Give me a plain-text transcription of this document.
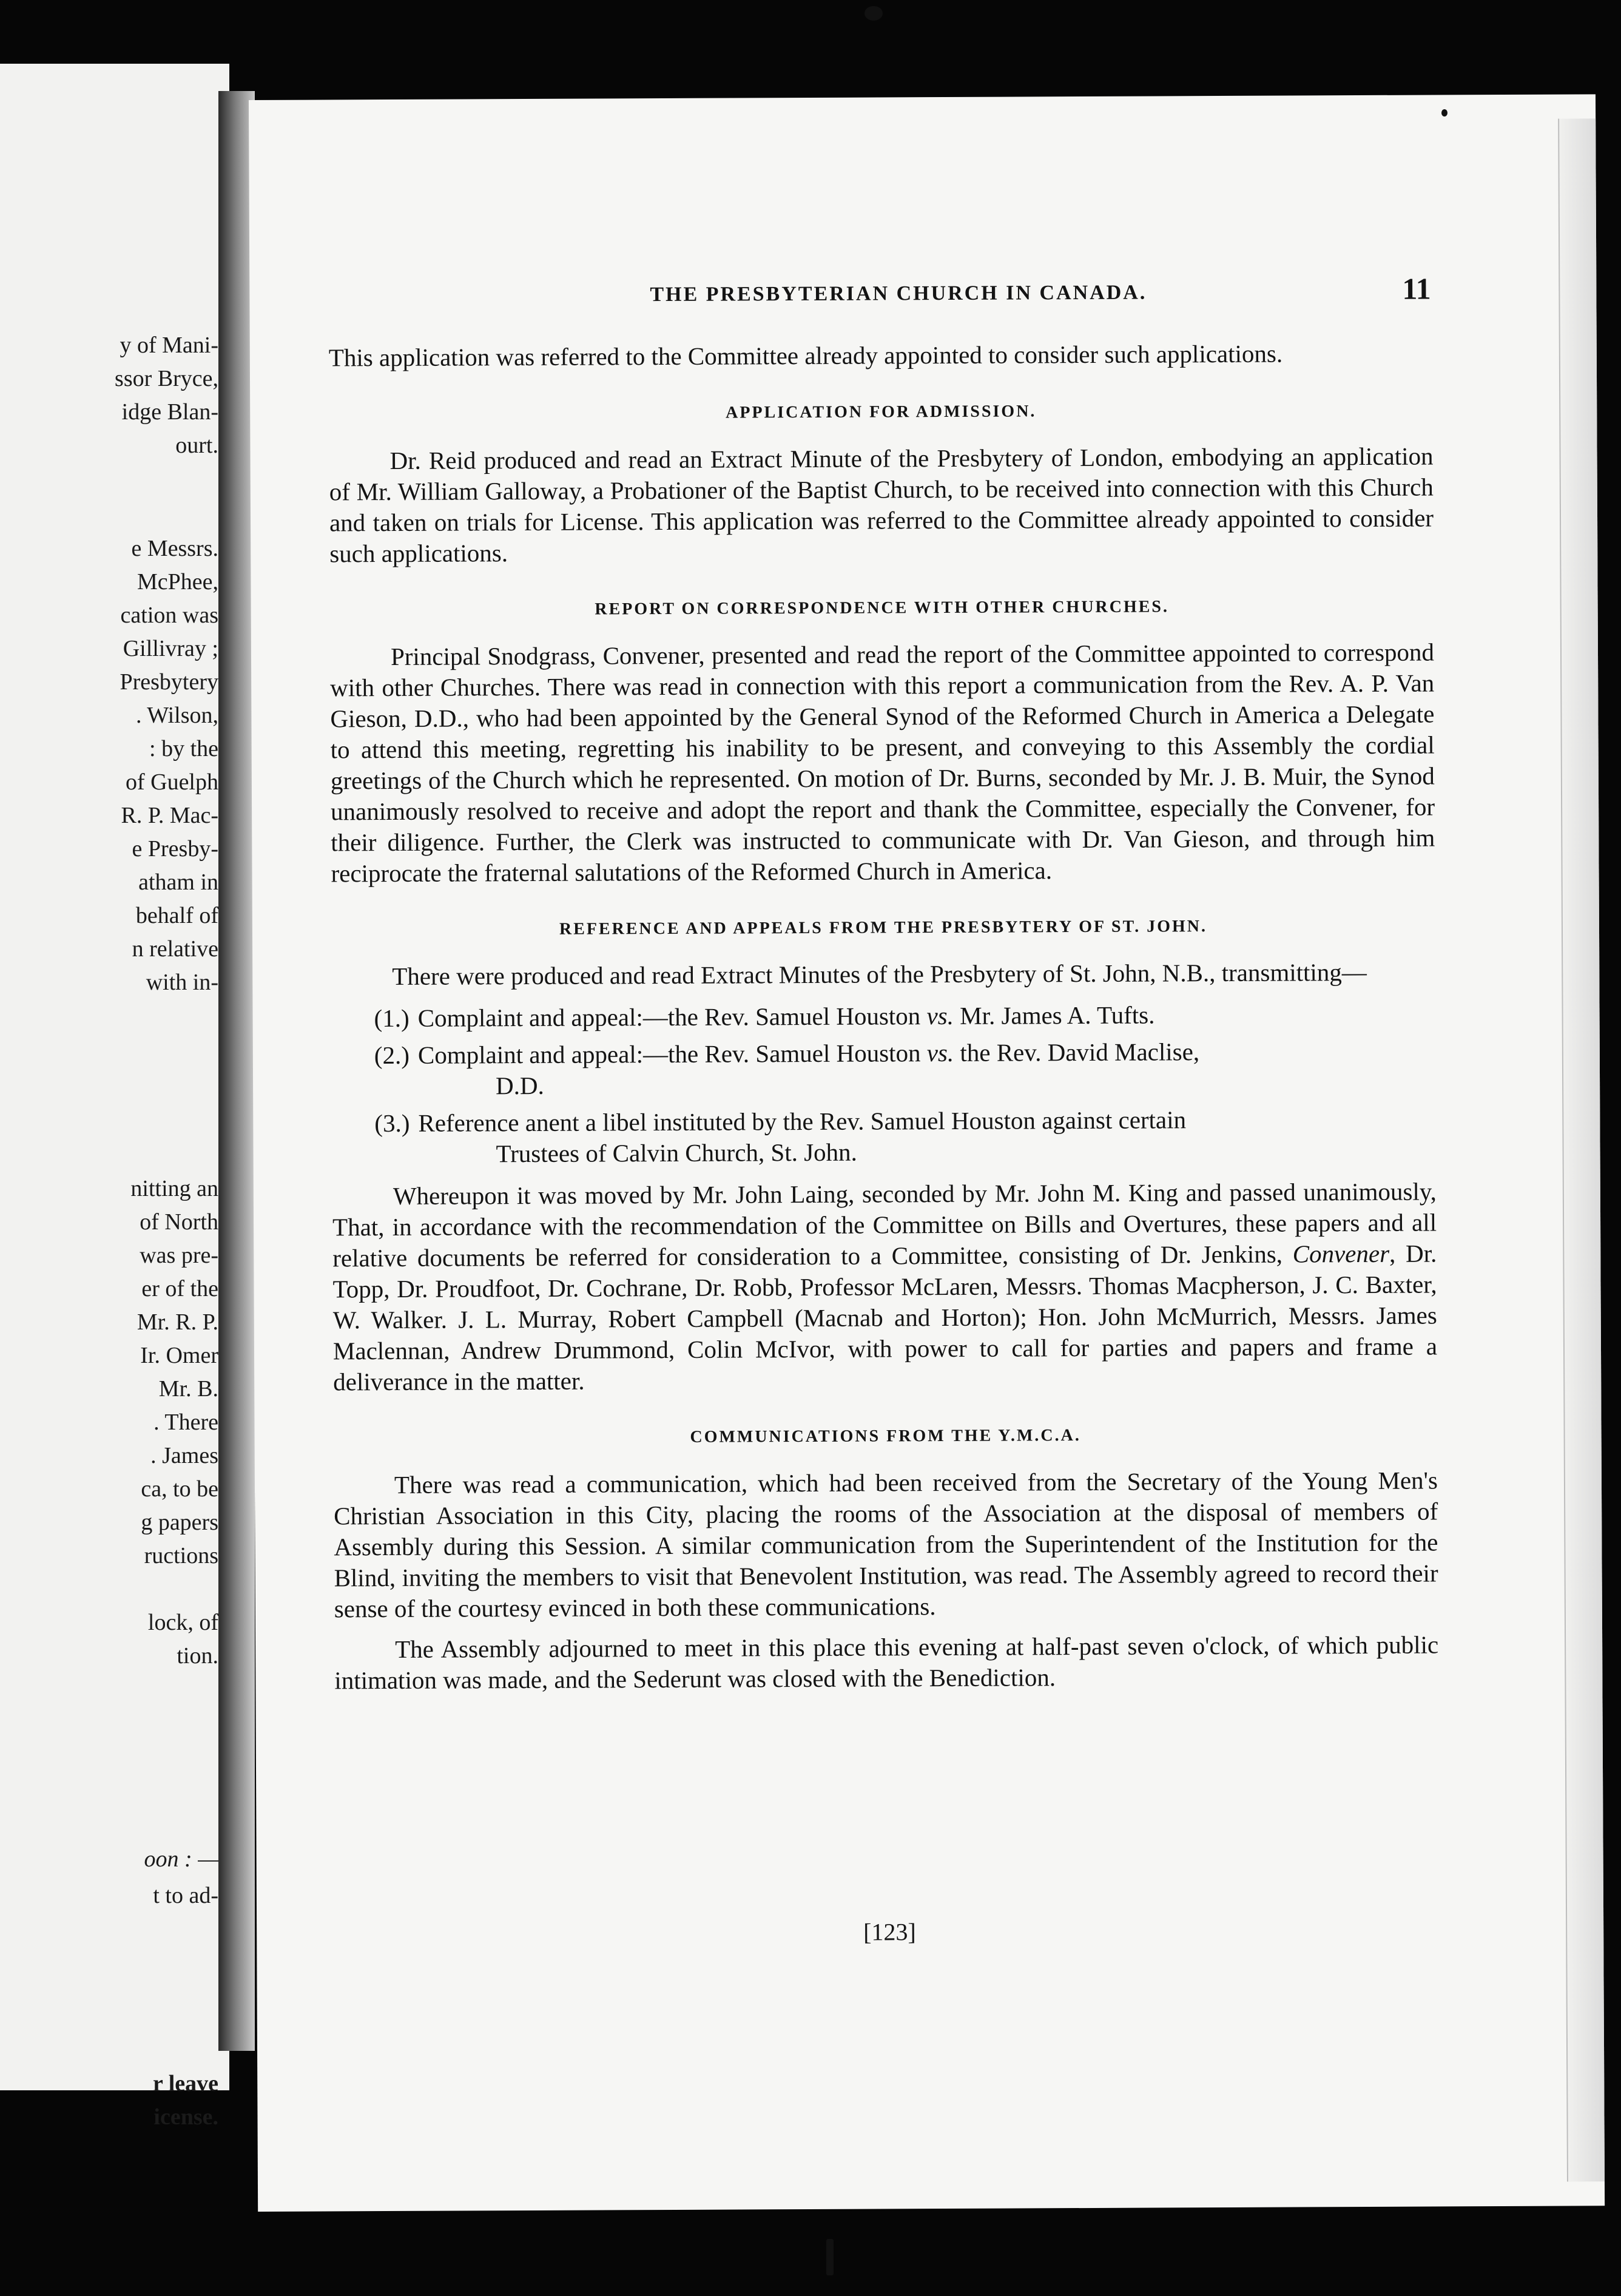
y of Mani-
ssor Bryce,
idge Blan-
ourt.
e Messrs.
McPhee,
cation was
Gillivray ;
Presbytery
. Wilson,
: by the
of Guelph
R. P. Mac-
e Presby-
atham in
behalf of
n relative
with in-
nitting an
of North
was pre-
er of the
Mr. R. P.
Ir. Omer
Mr. B.
. There
. James
ca, to be
g papers
ructions
lock, of
tion.
oon : —
t to ad-
r leave
icense.
THE PRESBYTERIAN CHURCH IN CANADA.	11

This application was referred to the Committee already appointed to consider such applications.

APPLICATION FOR ADMISSION.

Dr. Reid produced and read an Extract Minute of the Presbytery of London, embodying an application of Mr. William Galloway, a Probationer of the Baptist Church, to be received into connection with this Church and taken on trials for License. This application was referred to the Committee already appointed to consider such applications.

REPORT ON CORRESPONDENCE WITH OTHER CHURCHES.

Principal Snodgrass, Convener, presented and read the report of the Committee appointed to correspond with other Churches. There was read in connection with this report a communication from the Rev. A. P. Van Gieson, D.D., who had been appointed by the General Synod of the Reformed Church in America a Delegate to attend this meeting, regretting his inability to be present, and conveying to this Assembly the cordial greetings of the Church which he represented. On motion of Dr. Burns, seconded by Mr. J. B. Muir, the Synod unanimously resolved to receive and adopt the report and thank the Committee, especially the Convener, for their diligence. Further, the Clerk was instructed to communicate with Dr. Van Gieson, and through him reciprocate the fraternal salutations of the Reformed Church in America.

REFERENCE AND APPEALS FROM THE PRESBYTERY OF ST. JOHN.

There were produced and read Extract Minutes of the Presbytery of St. John, N.B., transmitting—

(1.) Complaint and appeal:—the Rev. Samuel Houston vs. Mr. James A. Tufts.
(2.) Complaint and appeal:—the Rev. Samuel Houston vs. the Rev. David Maclise,
D.D.
(3.) Reference anent a libel instituted by the Rev. Samuel Houston against certain
Trustees of Calvin Church, St. John.

Whereupon it was moved by Mr. John Laing, seconded by Mr. John M. King and passed unanimously, That, in accordance with the recommendation of the Committee on Bills and Overtures, these papers and all relative documents be referred for consideration to a Committee, consisting of Dr. Jenkins, Convener, Dr. Topp, Dr. Proudfoot, Dr. Cochrane, Dr. Robb, Professor McLaren, Messrs. Thomas Macpherson, J. C. Baxter, W. Walker. J. L. Murray, Robert Campbell (Macnab and Horton); Hon. John McMurrich, Messrs. James Maclennan, Andrew Drummond, Colin McIvor, with power to call for parties and papers and frame a deliverance in the matter.

COMMUNICATIONS FROM THE Y.M.C.A.

There was read a communication, which had been received from the Secretary of the Young Men's Christian Association in this City, placing the rooms of the Association at the disposal of members of Assembly during this Session. A similar communication from the Superintendent of the Institution for the Blind, inviting the members to visit that Benevolent Institution, was read. The Assembly agreed to record their sense of the courtesy evinced in both these communications.

The Assembly adjourned to meet in this place this evening at half-past seven o'clock, of which public intimation was made, and the Sederunt was closed with the Benediction.

[123]
